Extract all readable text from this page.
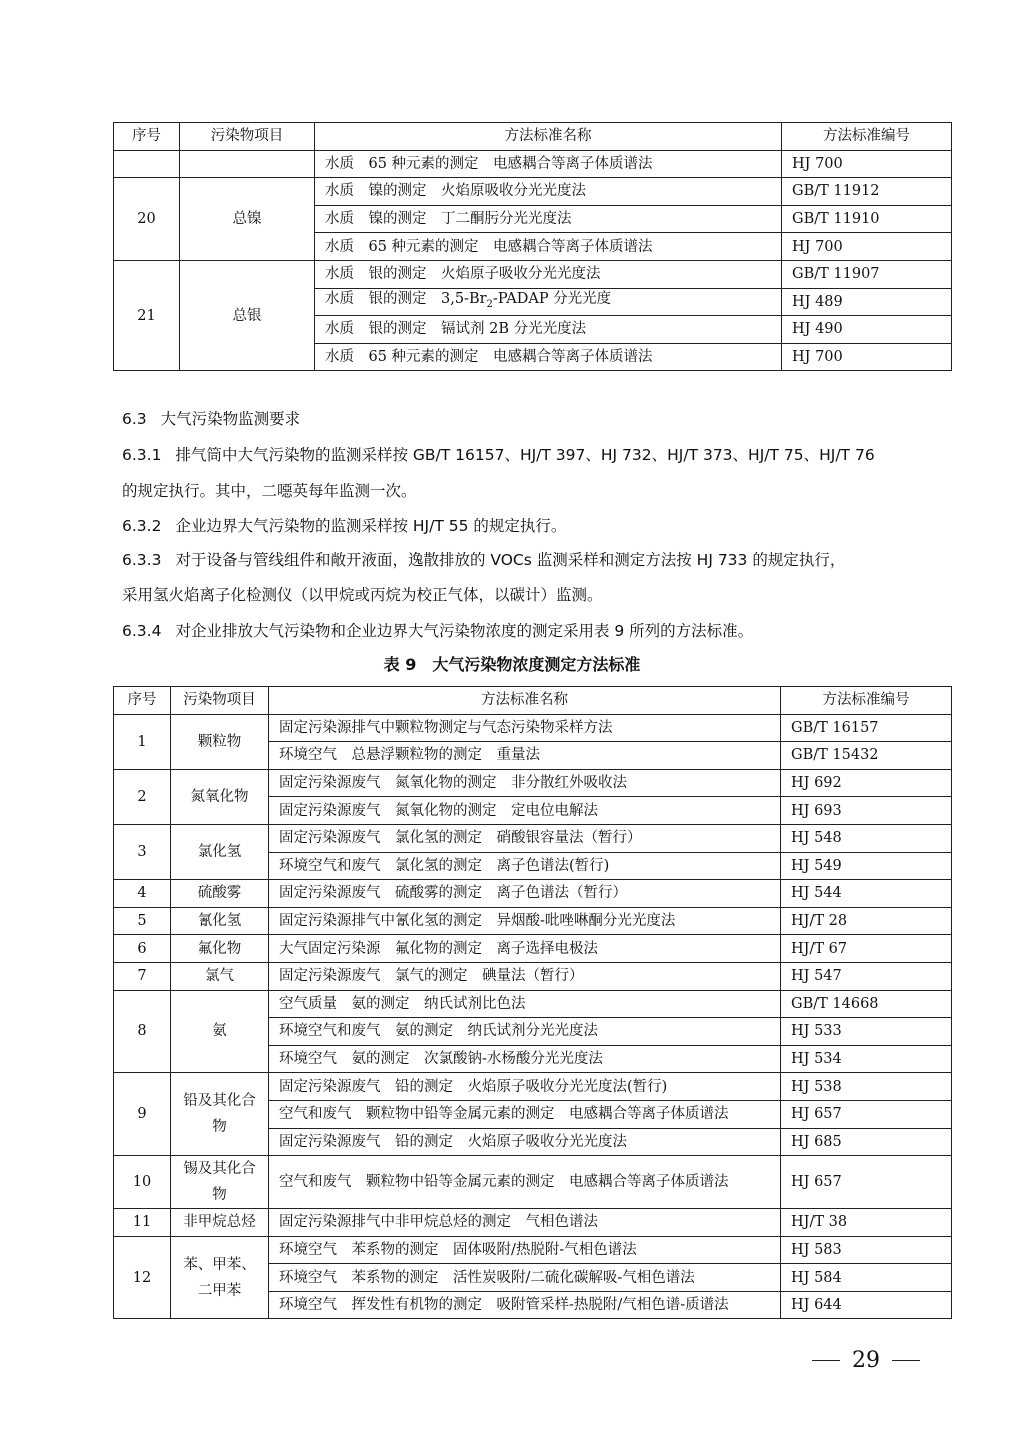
序号	污染物项目	方法标准名称	方法标准编号
		水质　65 种元素的测定　电感耦合等离子体质谱法	HJ 700
20	总镍	水质　镍的测定　火焰原吸收分光光度法	GB/T 11912
		水质　镍的测定　丁二酮肟分光光度法	GB/T 11910
		水质　65 种元素的测定　电感耦合等离子体质谱法	HJ 700
21	总银	水质　银的测定　火焰原子吸收分光光度法	GB/T 11907
		水质　银的测定　$3,5-Br_2$-PADAP 分光光度	HJ 489
		水质　银的测定　镉试剂 2B 分光光度法	HJ 490
		水质　65 种元素的测定　电感耦合等离子体质谱法	HJ 700
6.3 大气污染物监测要求
6.3.1 排气筒中大气污染物的监测采样按 GB/T 16157、HJ/T 397、HJ 732、HJ/T 373、HJ/T 75、HJ/T 76
的规定执行。其中，二噁英每年监测一次。
6.3.2 企业边界大气污染物的监测采样按 HJ/T 55 的规定执行。
6.3.3 对于设备与管线组件和敞开液面，逸散排放的 VOCs 监测采样和测定方法按 HJ 733 的规定执行，
采用氢火焰离子化检测仪（以甲烷或丙烷为校正气体，以碳计）监测。
6.3.4 对企业排放大气污染物和企业边界大气污染物浓度的测定采用表 9 所列的方法标准。
表 9　大气污染物浓度测定方法标准
序号	污染物项目	方法标准名称	方法标准编号
1	颗粒物	固定污染源排气中颗粒物测定与气态污染物采样方法	GB/T 16157
		环境空气　总悬浮颗粒物的测定　重量法	GB/T 15432
2	氮氧化物	固定污染源废气　氮氧化物的测定　非分散红外吸收法	HJ 692
		固定污染源废气　氮氧化物的测定　定电位电解法	HJ 693
3	氯化氢	固定污染源废气　氯化氢的测定　硝酸银容量法（暂行）	HJ 548
		环境空气和废气　氯化氢的测定　离子色谱法(暂行)	HJ 549
4	硫酸雾	固定污染源废气　硫酸雾的测定　离子色谱法（暂行）	HJ 544
5	氰化氢	固定污染源排气中氰化氢的测定　异烟酸-吡唑啉酮分光光度法	HJ/T 28
6	氟化物	大气固定污染源　氟化物的测定　离子选择电极法	HJ/T 67
7	氯气	固定污染源废气　氯气的测定　碘量法（暂行）	HJ 547
8	氨	空气质量　氨的测定　纳氏试剂比色法	GB/T 14668
		环境空气和废气　氨的测定　纳氏试剂分光光度法	HJ 533
		环境空气　氨的测定　次氯酸钠-水杨酸分光光度法	HJ 534
9	铅及其化合物	固定污染源废气　铅的测定　火焰原子吸收分光光度法(暂行)	HJ 538
		空气和废气　颗粒物中铅等金属元素的测定　电感耦合等离子体质谱法	HJ 657
		固定污染源废气　铅的测定　火焰原子吸收分光光度法	HJ 685
10	锡及其化合物	空气和废气　颗粒物中铅等金属元素的测定　电感耦合等离子体质谱法	HJ 657
11	非甲烷总烃	固定污染源排气中非甲烷总烃的测定　气相色谱法	HJ/T 38
12	苯、甲苯、二甲苯	环境空气　苯系物的测定　固体吸附/热脱附-气相色谱法	HJ 583
		环境空气　苯系物的测定　活性炭吸附/二硫化碳解吸-气相色谱法	HJ 584
		环境空气　挥发性有机物的测定　吸附管采样-热脱附/气相色谱-质谱法	HJ 644
29
